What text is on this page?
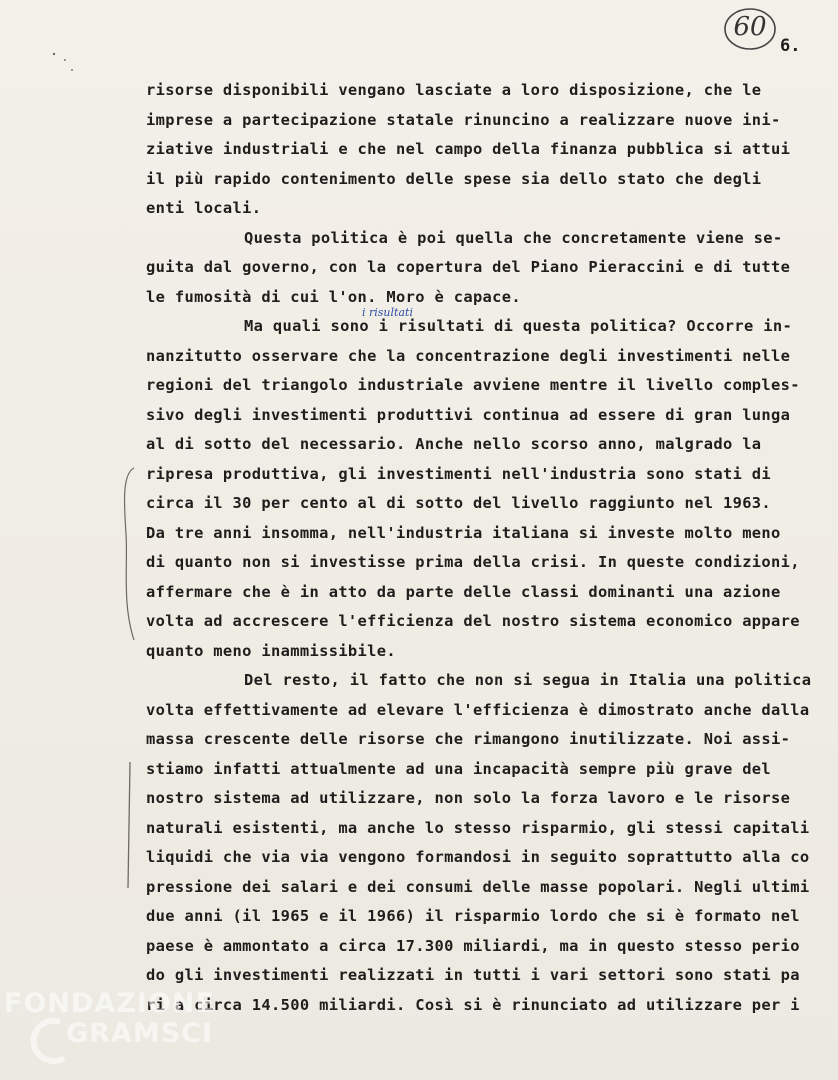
60
6.
risorse disponibili vengano lasciate a loro disposizione, che le
imprese a partecipazione statale rinuncino a realizzare nuove ini-
ziative industriali e che nel campo della finanza pubblica si attui
il più rapido contenimento delle spese sia dello stato che degli
enti locali.
Questa politica è poi quella che concretamente viene se-
guita dal governo, con la copertura del Piano Pieraccini e di tutte
le fumosità di cui l'on. Moro è capace.
Ma quali sono i risultati di questa politica? Occorre in-
nanzitutto osservare che la concentrazione degli investimenti nelle
regioni del triangolo industriale avviene mentre il livello comples-
sivo degli investimenti produttivi continua ad essere di gran lunga
al di sotto del necessario. Anche nello scorso anno, malgrado la
ripresa produttiva, gli investimenti nell'industria sono stati di
circa il 30 per cento al di sotto del livello raggiunto nel 1963.
Da tre anni insomma, nell'industria italiana si investe molto meno
di quanto non si investisse prima della crisi. In queste condizioni,
affermare che è in atto da parte delle classi dominanti una azione
volta ad accrescere l'efficienza del nostro sistema economico appare
quanto meno inammissibile.
Del resto, il fatto che non si segua in Italia una politica
volta effettivamente ad elevare l'efficienza è dimostrato anche dalla
massa crescente delle risorse che rimangono inutilizzate. Noi assi-
stiamo infatti attualmente ad una incapacità sempre più grave del
nostro sistema ad utilizzare, non solo la forza lavoro e le risorse
naturali esistenti, ma anche lo stesso risparmio, gli stessi capitali
liquidi che via via vengono formandosi in seguito soprattutto alla co
pressione dei salari e dei consumi delle masse popolari. Negli ultimi
due anni (il 1965 e il 1966) il risparmio lordo che si è formato nel
paese è ammontato a circa 17.300 miliardi, ma in questo stesso perio
do gli investimenti realizzati in tutti i vari settori sono stati pa
ri a circa 14.500 miliardi. Così si è rinunciato ad utilizzare per i
i risultati
FONDAZIONE
GRAMSCI
